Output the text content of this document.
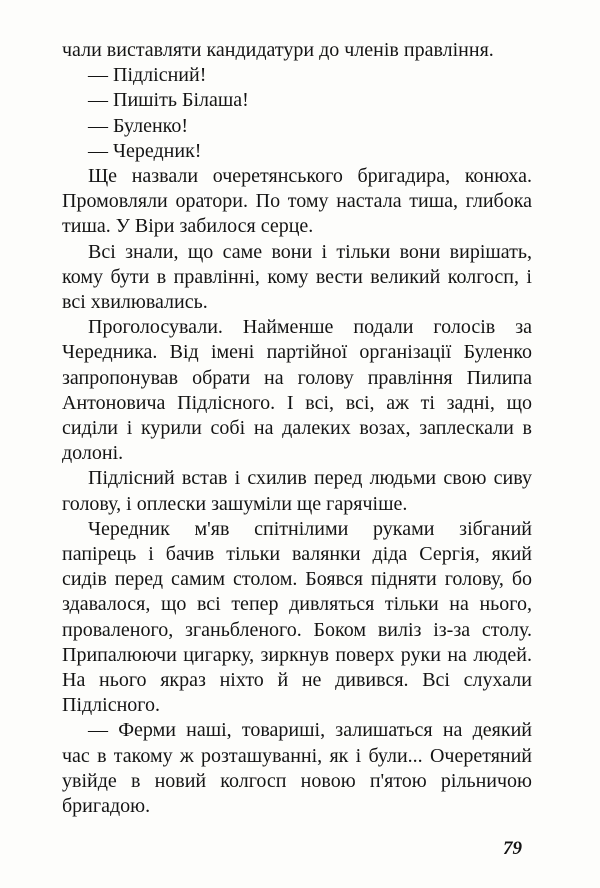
чали виставляти кандидатури до членів правління.

— Підлісний!

— Пишіть Білаша!

— Буленко!

— Чередник!

Ще назвали очеретянського бригадира, конюха. Промовляли оратори. По тому настала тиша, глибока тиша. У Віри забилося серце.

Всі знали, що саме вони і тільки вони вирішать, кому бути в правлінні, кому вести великий колгосп, і всі хвилювались.

Проголосували. Найменше подали голосів за Чередника. Від імені партійної організації Буленко запропонував обрати на голову правління Пилипа Антоновича Підлісного. І всі, всі, аж ті задні, що сиділи і курили собі на далеких возах, заплескали в долоні.

Підлісний встав і схилив перед людьми свою сиву голову, і оплески зашуміли ще гарячіше.

Чередник м'яв спітнілими руками зібганий папірець і бачив тільки валянки діда Сергія, який сидів перед самим столом. Боявся підняти голову, бо здавалося, що всі тепер дивляться тільки на нього, проваленого, зганьбленого. Боком виліз із-за столу. Припалюючи цигарку, зиркнув поверх руки на людей. На нього якраз ніхто й не дивився. Всі слухали Підлісного.

— Ферми наші, товариші, залишаться на деякий час в такому ж розташуванні, як і були... Очеретяний увійде в новий колгосп новою п'ятою рільничою бригадою.

79
